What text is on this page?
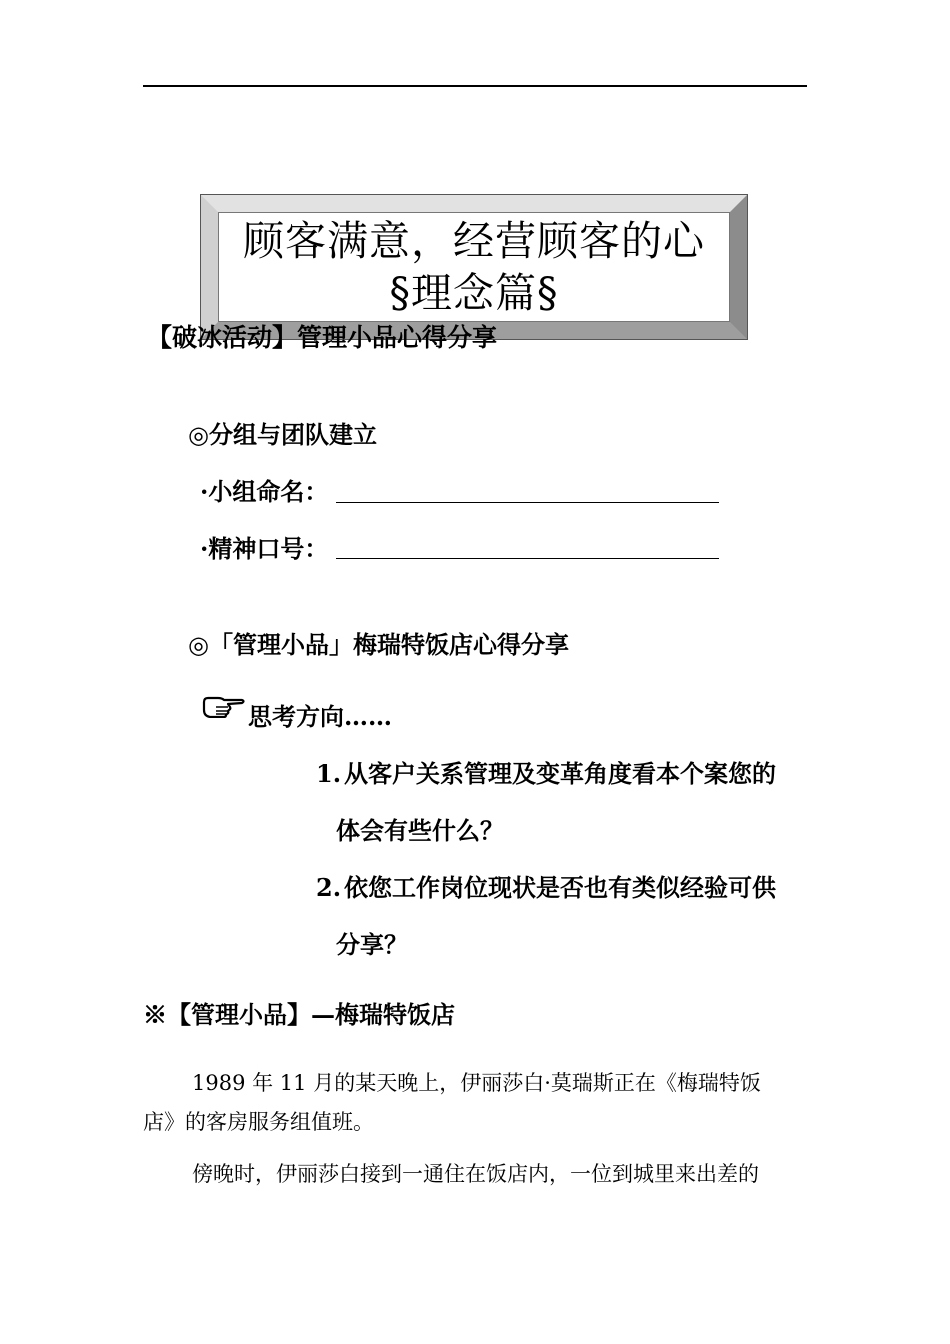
顾客满意，经营顾客的心
§理念篇§
【破冰活动】管理小品心得分享
◎分组与团队建立
·小组命名：
·精神口号：
◎「管理小品」梅瑞特饭店心得分享
思考方向……
1. 从客户关系管理及变革角度看本个案您的
体会有些什么？
2. 依您工作岗位现状是否也有类似经验可供
分享？
※【管理小品】—梅瑞特饭店
1989 年 11 月的某天晚上，伊丽莎白·莫瑞斯正在《梅瑞特饭
店》的客房服务组值班。
傍晚时，伊丽莎白接到一通住在饭店内，一位到城里来出差的
